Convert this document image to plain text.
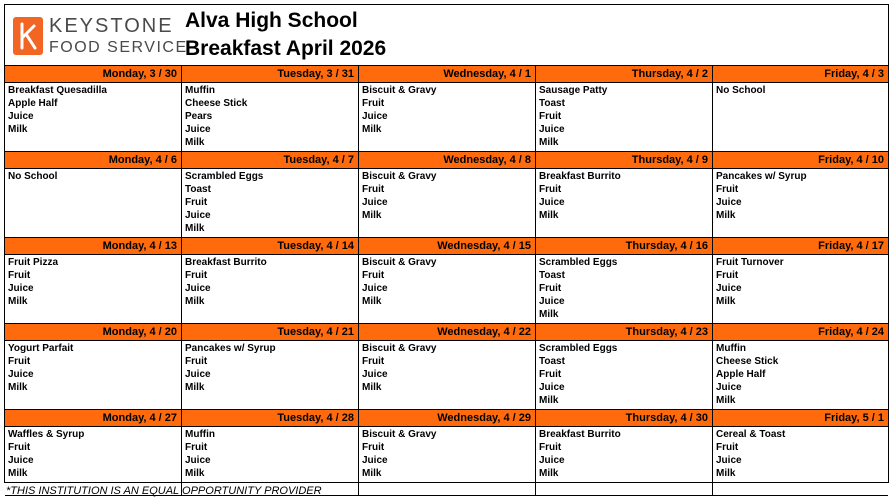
KEYSTONE
FOOD SERVICE
Alva High School
Breakfast April 2026
Monday, 3 / 30
Breakfast Quesadilla
Apple Half
Juice
Milk
Tuesday, 3 / 31
Muffin
Cheese Stick
Pears
Juice
Milk
Wednesday, 4 / 1
Biscuit & Gravy
Fruit
Juice
Milk
Thursday, 4 / 2
Sausage Patty
Toast
Fruit
Juice
Milk
Friday, 4 / 3
No School
Monday, 4 / 6
No School
Tuesday, 4 / 7
Scrambled Eggs
Toast
Fruit
Juice
Milk
Wednesday, 4 / 8
Biscuit & Gravy
Fruit
Juice
Milk
Thursday, 4 / 9
Breakfast Burrito
Fruit
Juice
Milk
Friday, 4 / 10
Pancakes w/ Syrup
Fruit
Juice
Milk
Monday, 4 / 13
Fruit Pizza
Fruit
Juice
Milk
Tuesday, 4 / 14
Breakfast Burrito
Fruit
Juice
Milk
Wednesday, 4 / 15
Biscuit & Gravy
Fruit
Juice
Milk
Thursday, 4 / 16
Scrambled Eggs
Toast
Fruit
Juice
Milk
Friday, 4 / 17
Fruit Turnover
Fruit
Juice
Milk
Monday, 4 / 20
Yogurt Parfait
Fruit
Juice
Milk
Tuesday, 4 / 21
Pancakes w/ Syrup
Fruit
Juice
Milk
Wednesday, 4 / 22
Biscuit & Gravy
Fruit
Juice
Milk
Thursday, 4 / 23
Scrambled Eggs
Toast
Fruit
Juice
Milk
Friday, 4 / 24
Muffin
Cheese Stick
Apple Half
Juice
Milk
Monday, 4 / 27
Waffles & Syrup
Fruit
Juice
Milk
Tuesday, 4 / 28
Muffin
Fruit
Juice
Milk
Wednesday, 4 / 29
Biscuit & Gravy
Fruit
Juice
Milk
Thursday, 4 / 30
Breakfast Burrito
Fruit
Juice
Milk
Friday, 5 / 1
Cereal & Toast
Fruit
Juice
Milk
*THIS INSTITUTION IS AN EQUAL OPPORTUNITY PROVIDER
